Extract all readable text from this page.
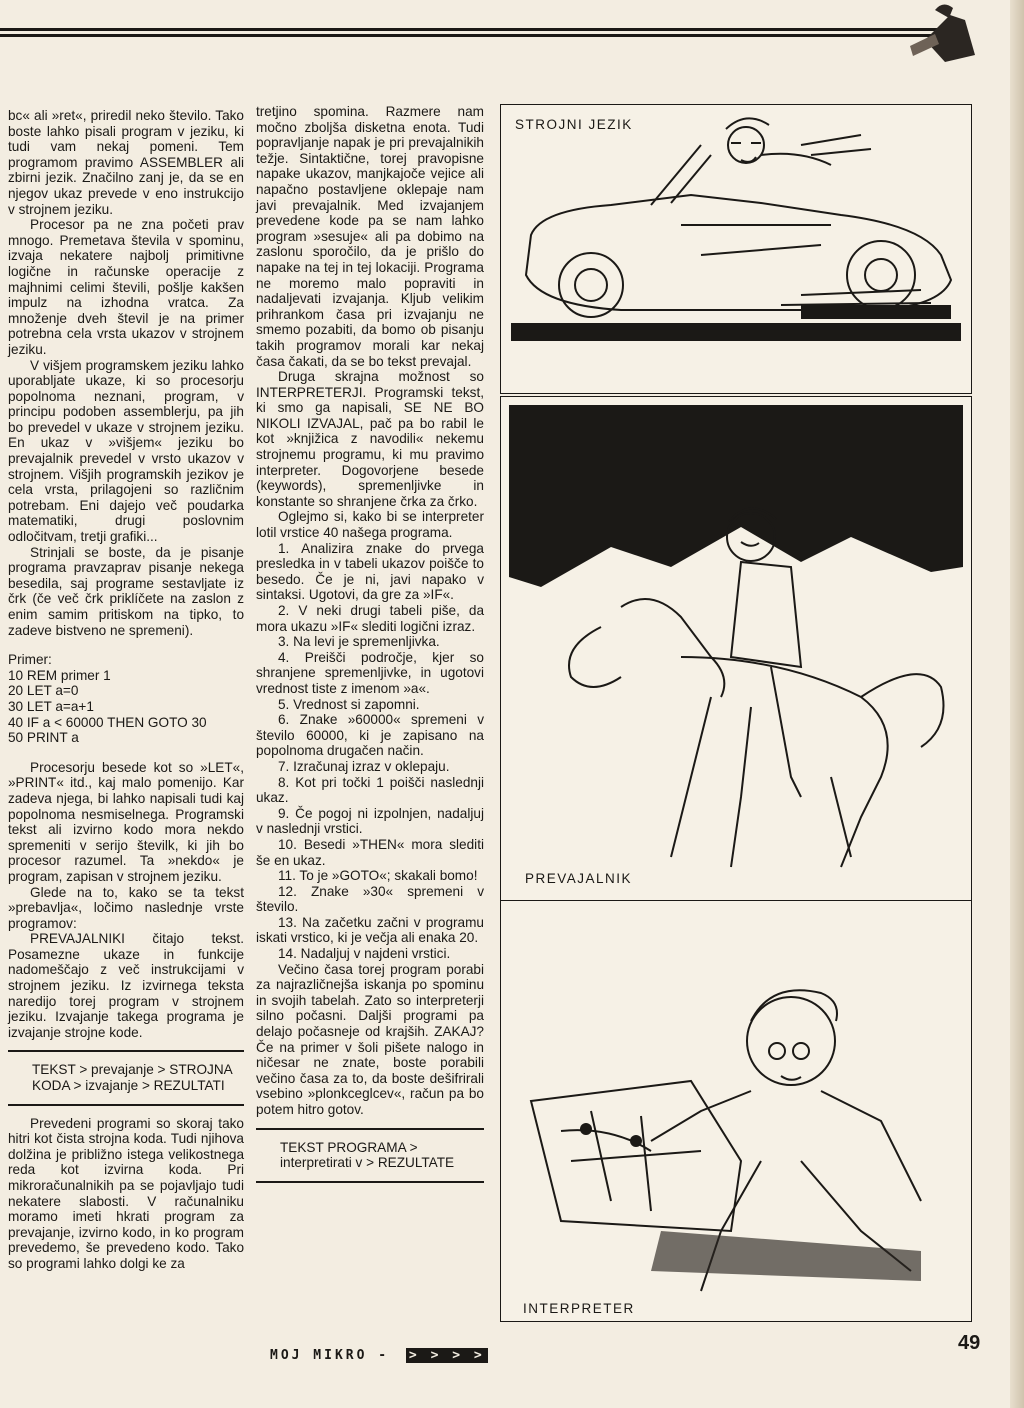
bc« ali »ret«, priredil neko število. Tako boste lahko pisali program v jeziku, ki tudi vam nekaj pomeni. Tem programom pravimo ASSEMBLER ali zbirni jezik. Značilno zanj je, da se en njegov ukaz prevede v eno instrukcijo v strojnem jeziku.

Procesor pa ne zna početi prav mnogo. Premetava števila v spominu, izvaja nekatere najbolj primitivne logične in računske operacije z majhnimi celimi števili, pošlje kakšen impulz na izhodna vratca. Za množenje dveh števil je na primer potrebna cela vrsta ukazov v strojnem jeziku.

V višjem programskem jeziku lahko uporabljate ukaze, ki so procesorju popolnoma neznani, program, v principu podoben assemblerju, pa jih bo prevedel v ukaze v strojnem jeziku. En ukaz v »višjem« jeziku bo prevajalnik prevedel v vrsto ukazov v strojnem. Višjih programskih jezikov je cela vrsta, prilagojeni so različnim potrebam. Eni dajejo več poudarka matematiki, drugi poslovnim odločitvam, tretji grafiki...

Strinjali se boste, da je pisanje programa pravzaprav pisanje nekega besedila, saj programe sestavljate iz črk (če več črk priklíčete na zaslon z enim samim pritiskom na tipko, to zadeve bistveno ne spremeni).

Primer:
10 REM primer 1
20 LET a=0
30 LET a=a+1
40 IF a < 60000 THEN GOTO 30
50 PRINT a

Procesorju besede kot so »LET«, »PRINT« itd., kaj malo pomenijo. Kar zadeva njega, bi lahko napisali tudi kaj popolnoma nesmiselnega. Programski tekst ali izvirno kodo mora nekdo spremeniti v serijo številk, ki jih bo procesor razumel. Ta »nekdo« je program, zapisan v strojnem jeziku.

Glede na to, kako se ta tekst »prebavlja«, ločimo naslednje vrste programov:

PREVAJALNIKI čitajo tekst. Posamezne ukaze in funkcije nadomeščajo z več instrukcijami v strojnem jeziku. Iz izvirnega teksta naredijo torej program v strojnem jeziku. Izvajanje takega programa je izvajanje strojne kode.

TEKST > prevajanje > STROJNA KODA > izvajanje > REZULTATI

Prevedeni programi so skoraj tako hitri kot čista strojna koda. Tudi njihova dolžina je približno istega velikostnega reda kot izvirna koda. Pri mikroračunalnikih pa se pojavljajo tudi nekatere slabosti. V računalniku moramo imeti hkrati program za prevajanje, izvirno kodo, in ko program prevedemo, še prevedeno kodo. Tako so programi lahko dolgi ke za

tretjino spomina. Razmere nam močno zboljša disketna enota. Tudi popravljanje napak je pri prevajalnikih težje. Sintaktične, torej pravopisne napake ukazov, manjkajoče vejice ali napačno postavljene oklepaje nam javi prevajalnik. Med izvajanjem prevedene kode pa se nam lahko program »sesuje« ali pa dobimo na zaslonu sporočilo, da je prišlo do napake na tej in tej lokaciji. Programa ne moremo malo popraviti in nadaljevati izvajanja. Kljub velikim prihrankom časa pri izvajanju ne smemo pozabiti, da bomo ob pisanju takih programov morali kar nekaj časa čakati, da se bo tekst prevajal.

Druga skrajna možnost so INTERPRETERJI. Programski tekst, ki smo ga napisali, SE NE BO NIKOLI IZVAJAL, pač pa bo rabil le kot »knjižica z navodili« nekemu strojnemu programu, ki mu pravimo interpreter. Dogovorjene besede (keywords), spremenljivke in konstante so shranjene črka za črko.

Oglejmo si, kako bi se interpreter lotil vrstice 40 našega programa.

1. Analizira znake do prvega presledka in v tabeli ukazov poišče to besedo. Če je ni, javi napako v sintaksi. Ugotovi, da gre za »IF«.

2. V neki drugi tabeli piše, da mora ukazu »IF« slediti logični izraz.

3. Na levi je spremenljivka.

4. Preišči področje, kjer so shranjene spremenljivke, in ugotovi vrednost tiste z imenom »a«.

5. Vrednost si zapomni.

6. Znake »60000« spremeni v število 60000, ki je zapisano na popolnoma drugačen način.

7. Izračunaj izraz v oklepaju.

8. Kot pri točki 1 poišči naslednji ukaz.

9. Če pogoj ni izpolnjen, nadaljuj v naslednji vrstici.

10. Besedi »THEN« mora slediti še en ukaz.

11. To je »GOTO«; skakali bomo!

12. Znake »30« spremeni v število.

13. Na začetku začni v programu iskati vrstico, ki je večja ali enaka 20.

14. Nadaljuj v najdeni vrstici.

Večino časa torej program porabi za najrazličnejša iskanja po spominu in svojih tabelah. Zato so interpreterji silno počasni. Daljši programi pa delajo počasneje od krajših. ZAKAJ? Če na primer v šoli pišete nalogo in ničesar ne znate, boste porabili večino časa za to, da boste dešifrirali vsebino »plonkceglcev«, račun pa bo potem hitro gotov.

TEKST PROGRAMA > interpretirati v > REZULTATE
MOJ MIKRO - > > > >
49
STROJNI JEZIK
PREVAJALNIK
INTERPRETER
